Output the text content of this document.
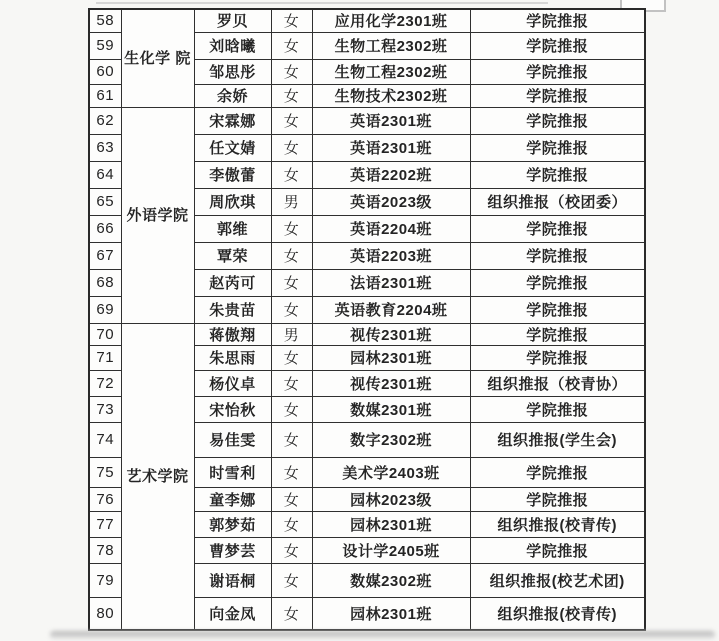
58	生化学 院	罗贝	女	应用化学2301班	学院推报
59		刘晗曦	女	生物工程2302班	学院推报
60		邹思彤	女	生物工程2302班	学院推报
61		余娇	女	生物技术2302班	学院推报
62	外语学院	宋霖娜	女	英语2301班	学院推报
63		任文婧	女	英语2301班	学院推报
64		李傲蕾	女	英语2202班	学院推报
65		周欣琪	男	英语2023级	组织推报（校团委）
66		郭维	女	英语2204班	学院推报
67		覃荣	女	英语2203班	学院推报
68		赵芮可	女	法语2301班	学院推报
69		朱贵苗	女	英语教育2204班	学院推报
70	艺术学院	蒋傲翔	男	视传2301班	学院推报
71		朱思雨	女	园林2301班	学院推报
72		杨仪卓	女	视传2301班	组织推报（校青协）
73		宋怡秋	女	数媒2301班	学院推报
74		易佳雯	女	数字2302班	组织推报(学生会)
75		时雪利	女	美术学2403班	学院推报
76		童李娜	女	园林2023级	学院推报
77		郭梦茹	女	园林2301班	组织推报(校青传)
78		曹梦芸	女	设计学2405班	学院推报
79		谢语桐	女	数媒2302班	组织推报(校艺术团)
80		向金凤	女	园林2301班	组织推报(校青传)
